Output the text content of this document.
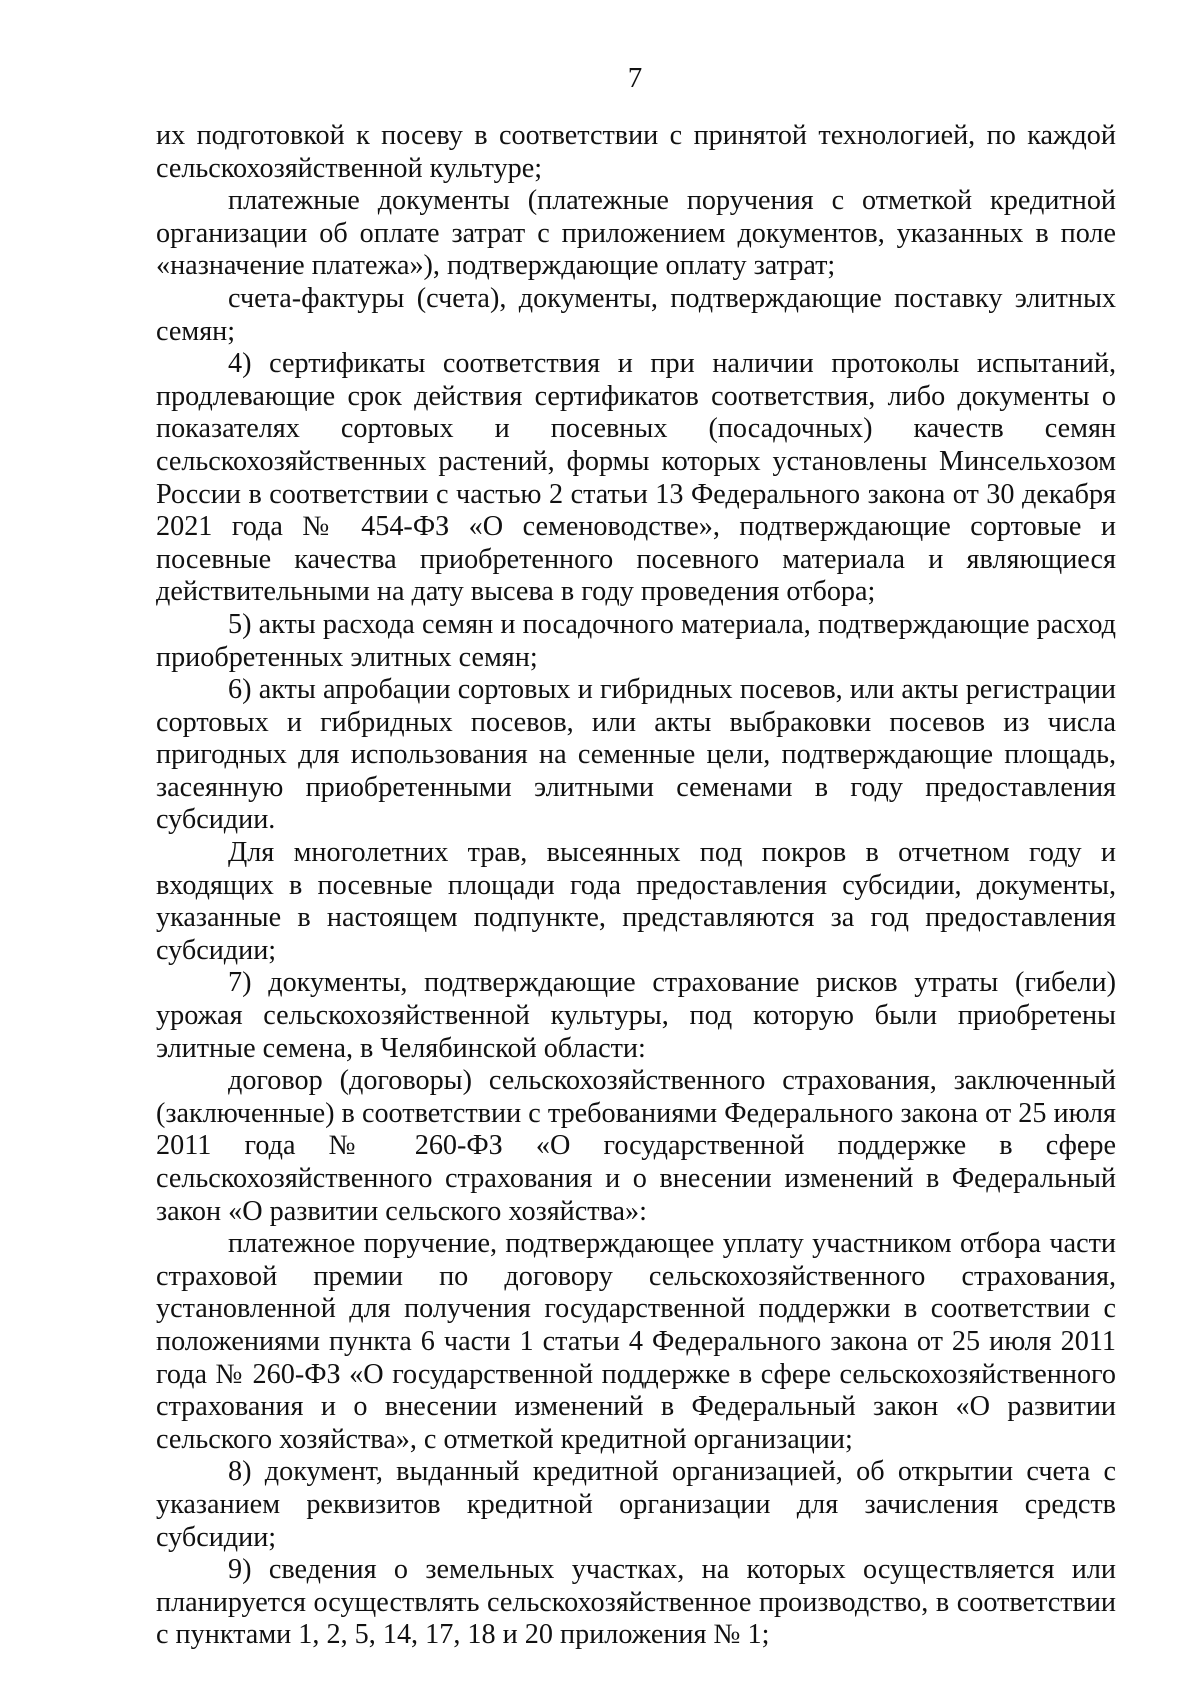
7

их подготовкой к посеву в соответствии с принятой технологией, по каждой сельскохозяйственной культуре;

платежные документы (платежные поручения с отметкой кредитной организации об оплате затрат с приложением документов, указанных в поле «назначение платежа»), подтверждающие оплату затрат;

счета-фактуры (счета), документы, подтверждающие поставку элитных семян;

4) сертификаты соответствия и при наличии протоколы испытаний, продлевающие срок действия сертификатов соответствия, либо документы о показателях сортовых и посевных (посадочных) качеств семян сельскохозяйственных растений, формы которых установлены Минсельхозом России в соответствии с частью 2 статьи 13 Федерального закона от 30 декабря 2021 года № 454-ФЗ «О семеноводстве», подтверждающие сортовые и посевные качества приобретенного посевного материала и являющиеся действительными на дату высева в году проведения отбора;

5) акты расхода семян и посадочного материала, подтверждающие расход приобретенных элитных семян;

6) акты апробации сортовых и гибридных посевов, или акты регистрации сортовых и гибридных посевов, или акты выбраковки посевов из числа пригодных для использования на семенные цели, подтверждающие площадь, засеянную приобретенными элитными семенами в году предоставления субсидии.

Для многолетних трав, высеянных под покров в отчетном году и входящих в посевные площади года предоставления субсидии, документы, указанные в настоящем подпункте, представляются за год предоставления субсидии;

7) документы, подтверждающие страхование рисков утраты (гибели) урожая сельскохозяйственной культуры, под которую были приобретены элитные семена, в Челябинской области:

договор (договоры) сельскохозяйственного страхования, заключенный (заключенные) в соответствии с требованиями Федерального закона от 25 июля 2011 года № 260-ФЗ «О государственной поддержке в сфере сельскохозяйственного страхования и о внесении изменений в Федеральный закон «О развитии сельского хозяйства»:

платежное поручение, подтверждающее уплату участником отбора части страховой премии по договору сельскохозяйственного страхования, установленной для получения государственной поддержки в соответствии с положениями пункта 6 части 1 статьи 4 Федерального закона от 25 июля 2011 года № 260-ФЗ «О государственной поддержке в сфере сельскохозяйственного страхования и о внесении изменений в Федеральный закон «О развитии сельского хозяйства», с отметкой кредитной организации;

8) документ, выданный кредитной организацией, об открытии счета с указанием реквизитов кредитной организации для зачисления средств субсидии;

9) сведения о земельных участках, на которых осуществляется или планируется осуществлять сельскохозяйственное производство, в соответствии с пунктами 1, 2, 5, 14, 17, 18 и 20 приложения № 1;
